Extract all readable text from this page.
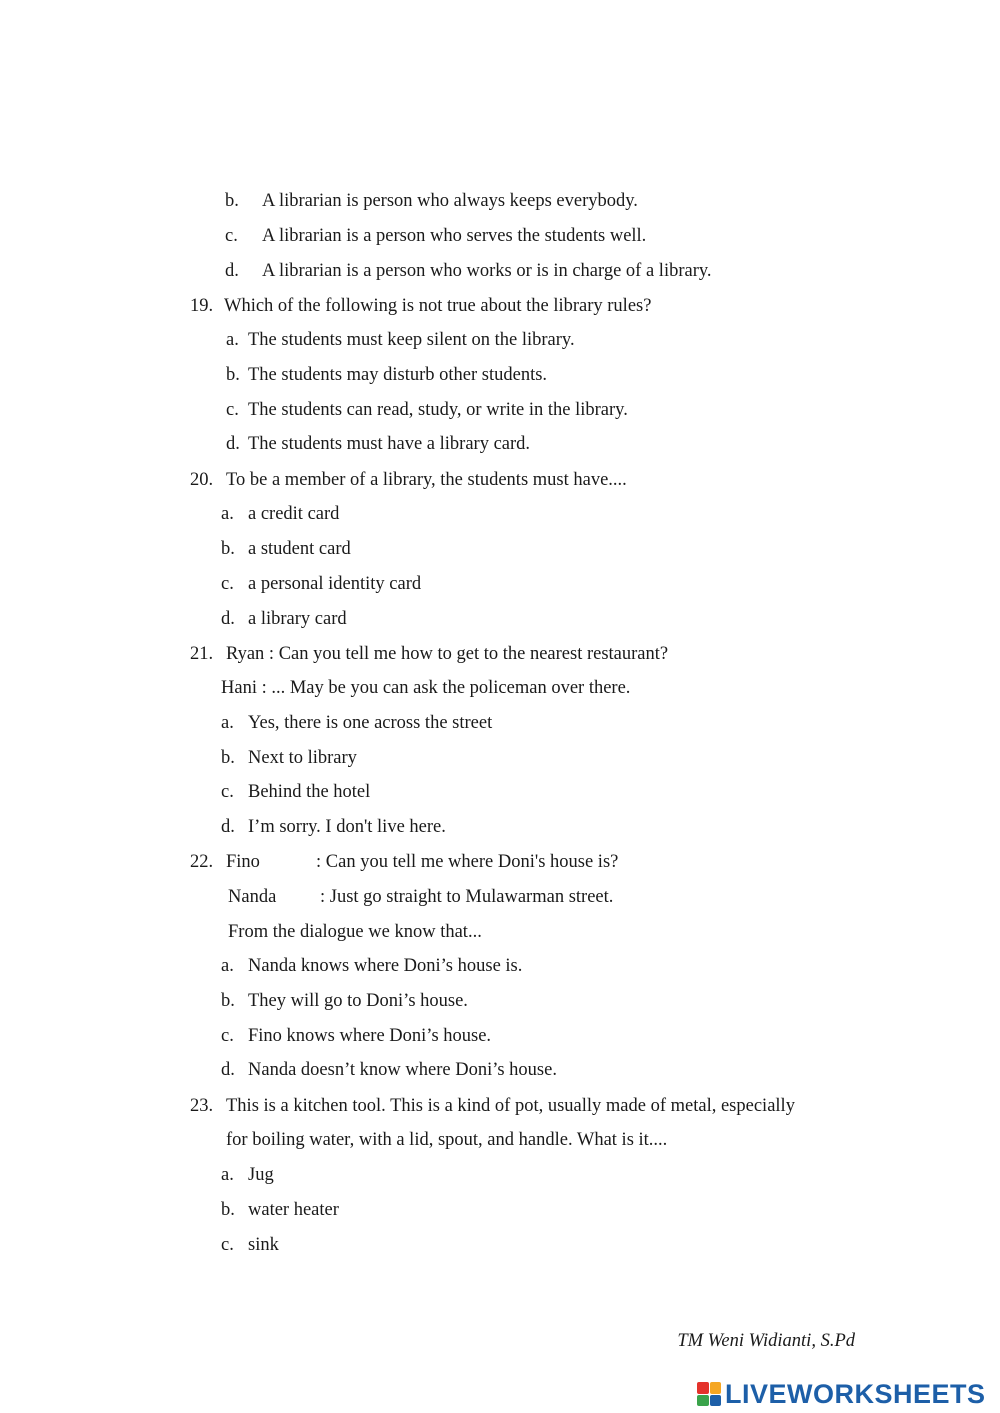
b. A librarian is person who always keeps everybody.
c. A librarian is a person who serves the students well.
d. A librarian is a person who works or is in charge of a library.
19. Which of the following is not true about the library rules?
a. The students must keep silent on the library.
b. The students may disturb other students.
c. The students can read, study, or write in the library.
d. The students must have a library card.
20. To be a member of a library, the students must have....
a. a credit card
b. a student card
c. a personal identity card
d. a library card
21. Ryan : Can you tell me how to get to the nearest restaurant?
Hani : ... May be you can ask the policeman over there.
a. Yes, there is one across the street
b. Next to library
c. Behind the hotel
d. I’m sorry. I don't live here.
22. Fino	: Can you tell me where Doni's house is?
Nanda : Just go straight to Mulawarman street.
From the dialogue we know that...
a. Nanda knows where Doni’s house is.
b. They will go to Doni’s house.
c. Fino knows where Doni’s house.
d. Nanda doesn’t know where Doni’s house.
23. This is a kitchen tool. This is a kind of pot, usually made of metal, especially
for boiling water, with a lid, spout, and handle. What is it....
a. Jug
b. water heater
c. sink
TM Weni Widianti, S.Pd
LIVEWORKSHEETS
